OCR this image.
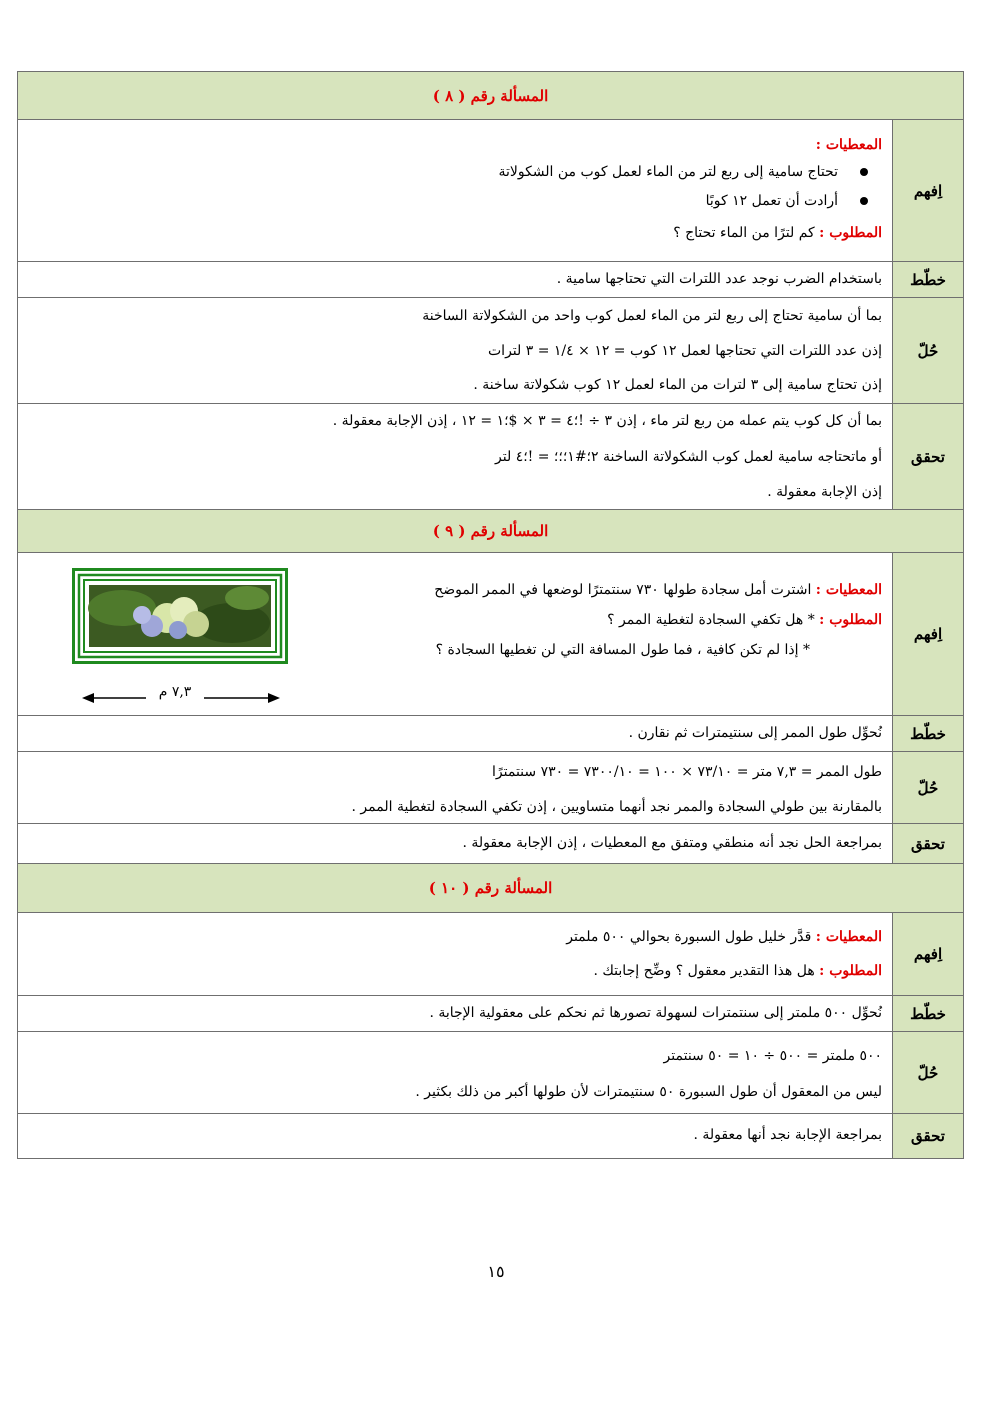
المسألة رقم ( ٨ )	
اِفهم	المعطيات :
تحتاج سامية إلى ربع لتر من الماء لعمل كوب من الشكولاتة
أرادت أن تعمل ١٢ كوبًا
المطلوب : كم لترًا من الماء تحتاج ؟

خطّط	باستخدام الضرب نوجد عدد اللترات التي تحتاجها سامية .
حُلّ	بما أن سامية تحتاج إلى ربع لتر من الماء لعمل كوب واحد من الشكولاتة الساخنة
إذن عدد اللترات التي تحتاجها لعمل ١٢ كوب = ١٢ × ١/٤ = ٣ لترات
إذن تحتاج سامية إلى ٣ لترات من الماء لعمل ١٢ كوب شكولاتة ساخنة .

تحقق	بما أن كل كوب يتم عمله من ربع لتر ماء ، إذن ٣ ÷ !؛٤ = ٣ × $؛١ = ١٢ ، إذن الإجابة معقولة .
أو ماتحتاجه سامية لعمل كوب الشكولاتة الساخنة ٢؛#١؛؛؛ = !؛٤ لتر
إذن الإجابة معقولة .

المسألة رقم ( ٩ )	
اِفهم	المعطيات : اشترت أمل سجادة طولها ٧٣٠ سنتمترًا لوضعها في الممر الموضح
المطلوب : * هل تكفي السجادة لتغطية الممر ؟
* إذا لم تكن كافية ، فما طول المسافة التي لن تغطيها السجادة ؟

خطّط	نُحوِّل طول الممر إلى سنتيمترات ثم نقارن .
حُلّ	طول الممر = ٧,٣ متر = ٧٣/١٠ × ١٠٠ = ٧٣٠٠/١٠ = ٧٣٠ سنتمترًا
بالمقارنة بين طولي السجادة والممر نجد أنهما متساويين ، إذن تكفي السجادة لتغطية الممر .

تحقق	بمراجعة الحل نجد أنه منطقي ومتفق مع المعطيات ، إذن الإجابة معقولة .
المسألة رقم ( ١٠ )	
اِفهم	المعطيات : قدَّر خليل طول السبورة بحوالي ٥٠٠ ملمتر
المطلوب : هل هذا التقدير معقول ؟ وضِّح إجابتك .

خطّط	نُحوِّل ٥٠٠ ملمتر إلى سنتمترات لسهولة تصورها ثم نحكم على معقولية الإجابة .
حُلّ	٥٠٠ ملمتر = ٥٠٠ ÷ ١٠ = ٥٠ سنتمتر
ليس من المعقول أن طول السبورة ٥٠ سنتيمترات لأن طولها أكبر من ذلك بكثير .

تحقق	بمراجعة الإجابة نجد أنها معقولة .
٧,٣ م
١٥
